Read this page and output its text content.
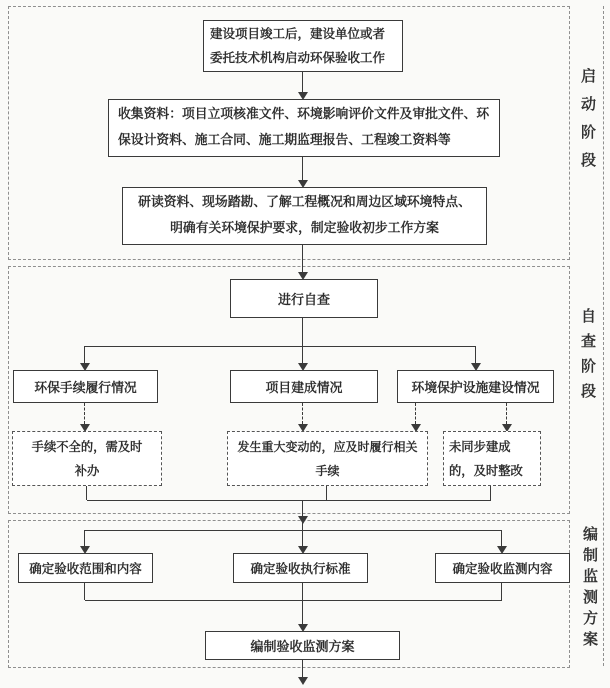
启动阶段
自查阶段
编制监测方案
建设项目竣工后，建设单位或者委托技术机构启动环保验收工作
收集资料：项目立项核准文件、环境影响评价文件及审批文件、环保设计资料、施工合同、施工期监理报告、工程竣工资料等
研读资料、现场踏勘、了解工程概况和周边区域环境特点、明确有关环境保护要求，制定验收初步工作方案
进行自查
环保手续履行情况	项目建成情况	环境保护设施建设情况
手续不全的，需及时补办
发生重大变动的，应及时履行相关手续
未同步建成的，及时整改
确定验收范围和内容	确定验收执行标准	确定验收监测内容
编制验收监测方案
